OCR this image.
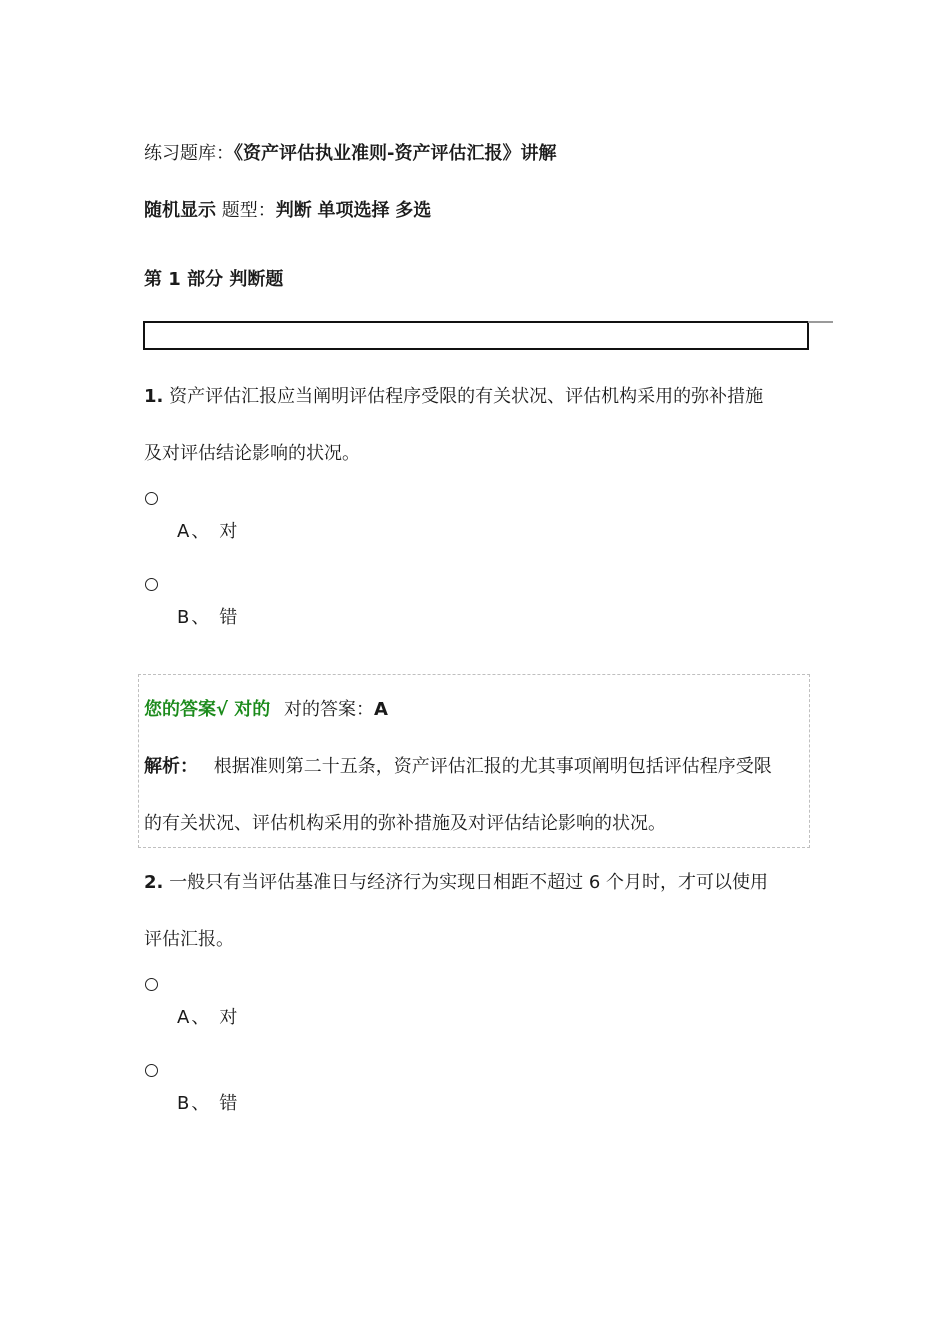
练习题库：《资产评估执业准则-资产评估汇报》讲解
随机显示 题型：判断 单项选择 多选
第 1 部分 判断题
1. 资产评估汇报应当阐明评估程序受限的有关状况、评估机构采用的弥补措施
及对评估结论影响的状况。
A 、 对
B 、 错
您的答案√ 对的 对的答案：A
解析： 根据准则第二十五条，资产评估汇报的尤其事项阐明包括评估程序受限
的有关状况、评估机构采用的弥补措施及对评估结论影响的状况。
2. 一般只有当评估基准日与经济行为实现日相距不超过 6 个月时，才可以使用
评估汇报。
A 、 对
B 、 错
